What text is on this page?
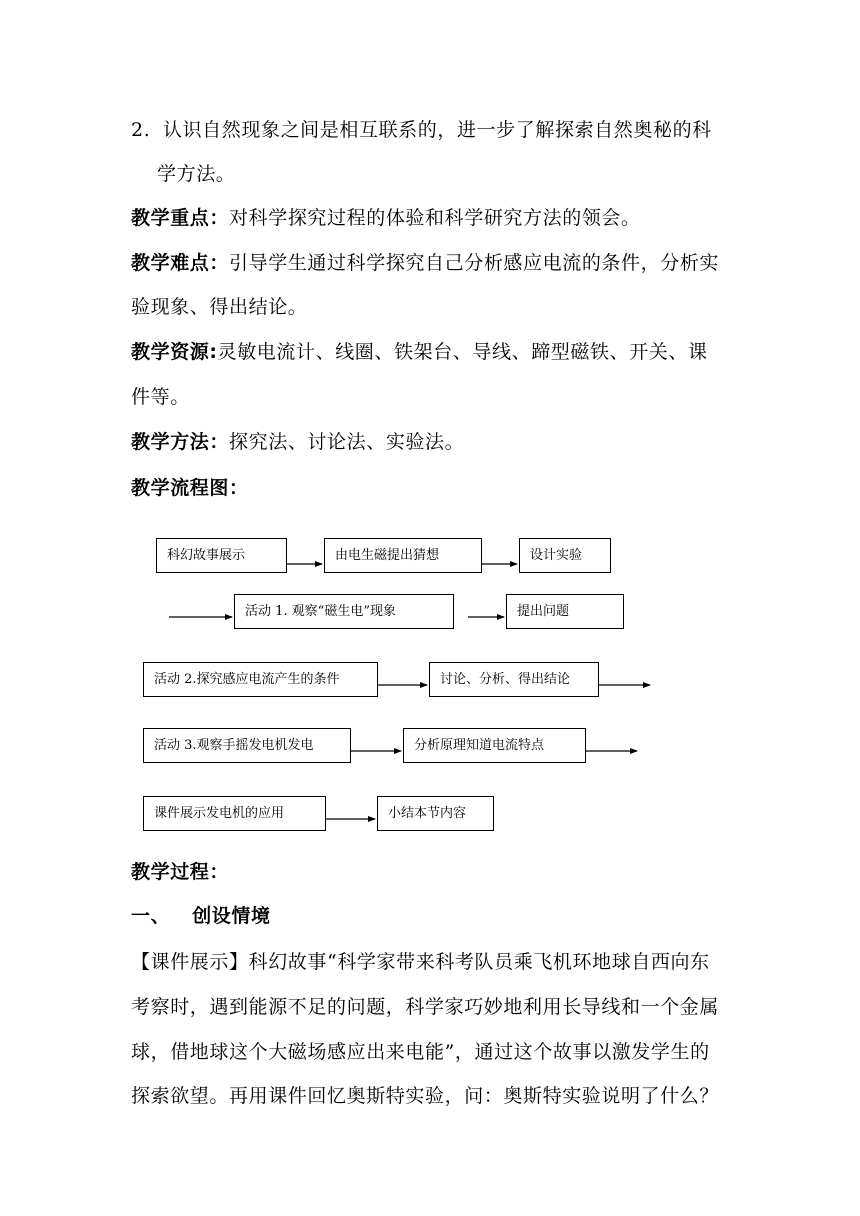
2. 认识自然现象之间是相互联系的，进一步了解探索自然奥秘的科
学方法。
教学重点：对科学探究过程的体验和科学研究方法的领会。
教学难点：引导学生通过科学探究自己分析感应电流的条件，分析实
验现象、得出结论。
教学资源:灵敏电流计、线圈、铁架台、导线、蹄型磁铁、开关、课
件等。
教学方法：探究法、讨论法、实验法。
教学流程图：
科幻故事展示	由电生磁提出猜想	设计实验
活动 1. 观察“磁生电”现象	提出问题
活动 2.探究感应电流产生的条件	讨论、分析、得出结论
活动 3.观察手摇发电机发电	分析原理知道电流特点
课件展示发电机的应用	小结本节内容
教学过程：
一、 创设情境
【课件展示】科幻故事“科学家带来科考队员乘飞机环地球自西向东
考察时，遇到能源不足的问题，科学家巧妙地利用长导线和一个金属
球，借地球这个大磁场感应出来电能”，通过这个故事以激发学生的
探索欲望。再用课件回忆奥斯特实验，问：奥斯特实验说明了什么？
